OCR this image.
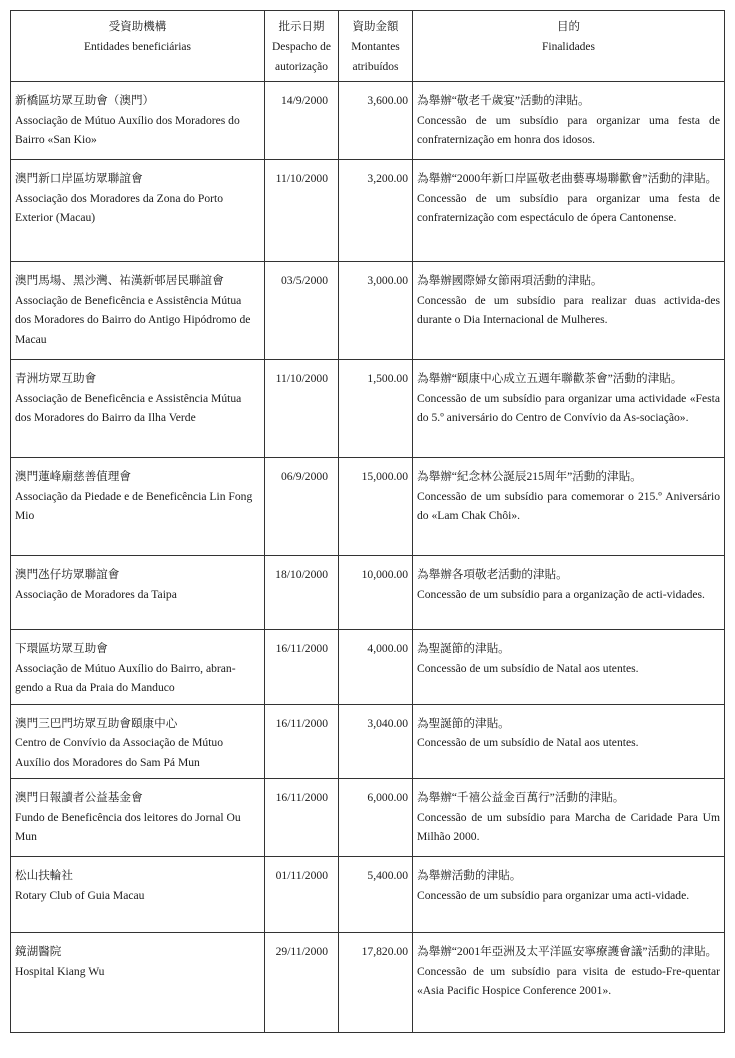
受資助機構
Entidades beneficiárias	批示日期
Despacho de
autorização	資助金額
Montantes
atribuídos	目的
Finalidades

新橋區坊眾互助會（澳門）
Associação de Mútuo Auxílio dos Moradores do Bairro «San Kio»	14/9/2000	3,600.00	為舉辦“敬老千歲宴”活動的津貼。
Concessão de um subsídio para organizar uma festa de confraternização em honra dos idosos.

澳門新口岸區坊眾聯誼會
Associação dos Moradores da Zona do Porto Exterior (Macau)	11/10/2000	3,200.00	為舉辦“2000年新口岸區敬老曲藝專場聯歡會”活動的津貼。
Concessão de um subsídio para organizar uma festa de confraternização com espectáculo de ópera Cantonense.

澳門馬場、黑沙灣、祐漢新邨居民聯誼會
Associação de Beneficência e Assistência Mútua dos Moradores do Bairro do Antigo Hipódromo de Macau	03/5/2000	3,000.00	為舉辦國際婦女節兩項活動的津貼。
Concessão de um subsídio para realizar duas activida-des durante o Dia Internacional de Mulheres.

青洲坊眾互助會
Associação de Beneficência e Assistência Mútua dos Moradores do Bairro da Ilha Verde	11/10/2000	1,500.00	為舉辦“頤康中心成立五週年聯歡茶會”活動的津貼。
Concessão de um subsídio para organizar uma actividade «Festa do 5.º aniversário do Centro de Convívio da As-sociação».

澳門蓮峰廟慈善值理會
Associação da Piedade e de Beneficência Lin Fong Mio	06/9/2000	15,000.00	為舉辦“紀念林公誕辰215周年”活動的津貼。
Concessão de um subsídio para comemorar o 215.º Aniversário do «Lam Chak Chôi».

澳門氹仔坊眾聯誼會
Associação de Moradores da Taipa	18/10/2000	10,000.00	為舉辦各項敬老活動的津貼。
Concessão de um subsídio para a organização de acti-vidades.

下環區坊眾互助會
Associação de Mútuo Auxílio do Bairro, abran-gendo a Rua da Praia do Manduco	16/11/2000	4,000.00	為聖誕節的津貼。
Concessão de um subsídio de Natal aos utentes.

澳門三巴門坊眾互助會頤康中心
Centro de Convívio da Associação de Mútuo Auxílio dos Moradores do Sam Pá Mun	16/11/2000	3,040.00	為聖誕節的津貼。
Concessão de um subsídio de Natal aos utentes.

澳門日報讀者公益基金會
Fundo de Beneficência dos leitores do Jornal Ou Mun	16/11/2000	6,000.00	為舉辦“千禧公益金百萬行”活動的津貼。
Concessão de um subsídio para Marcha de Caridade Para Um Milhão 2000.

松山扶輪社
Rotary Club of Guia Macau	01/11/2000	5,400.00	為舉辦活動的津貼。
Concessão de um subsídio para organizar uma acti-vidade.

鏡湖醫院
Hospital Kiang Wu	29/11/2000	17,820.00	為舉辦“2001年亞洲及太平洋區安寧療護會議”活動的津貼。
Concessão de um subsídio para visita de estudo-Fre-quentar «Asia Pacific Hospice Conference 2001».
